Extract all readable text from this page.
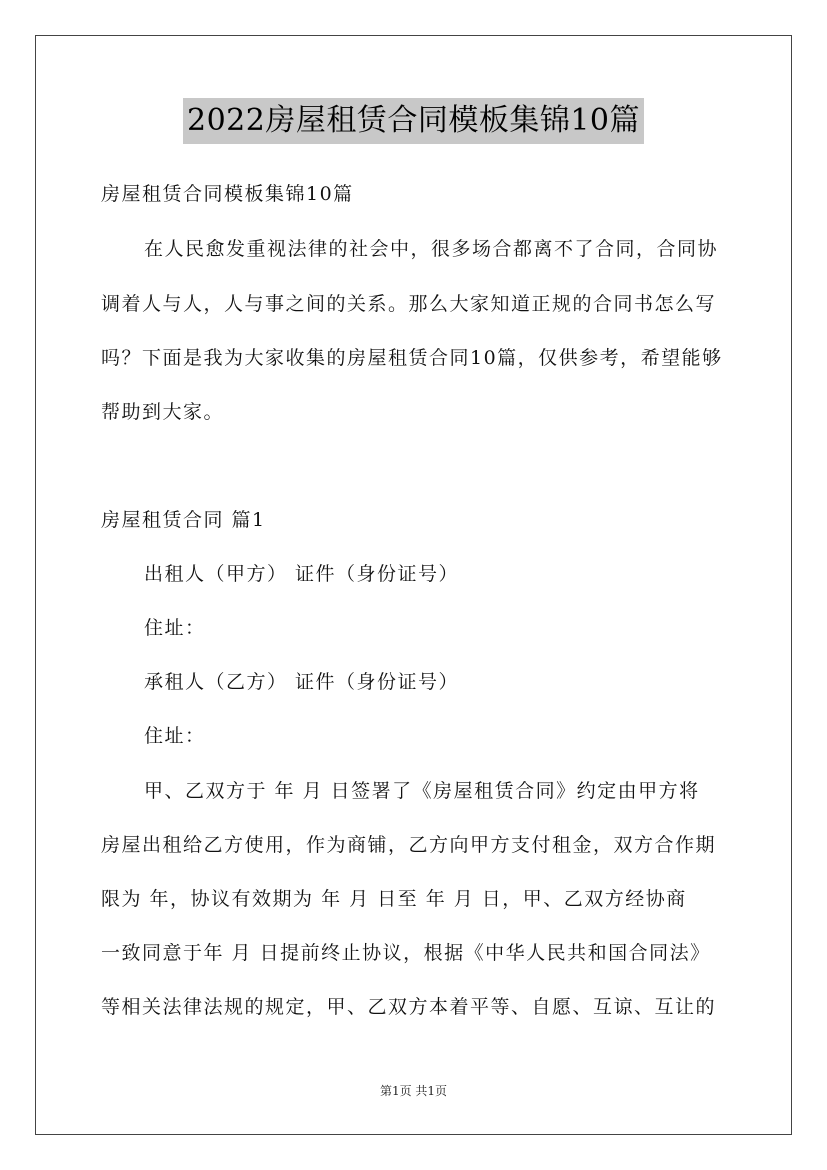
2022房屋租赁合同模板集锦10篇
房屋租赁合同模板集锦10篇
在人民愈发重视法律的社会中，很多场合都离不了合同，合同协
调着人与人，人与事之间的关系。那么大家知道正规的合同书怎么写
吗？下面是我为大家收集的房屋租赁合同10篇，仅供参考，希望能够
帮助到大家。
房屋租赁合同 篇1
出租人（甲方） 证件（身份证号）
住址：
承租人（乙方） 证件（身份证号）
住址：
甲、乙双方于 年 月 日签署了《房屋租赁合同》约定由甲方将
房屋出租给乙方使用，作为商铺，乙方向甲方支付租金，双方合作期
限为 年，协议有效期为 年 月 日至 年 月 日，甲、乙双方经协商
一致同意于年 月 日提前终止协议，根据《中华人民共和国合同法》
等相关法律法规的规定，甲、乙双方本着平等、自愿、互谅、互让的
第1页 共1页
